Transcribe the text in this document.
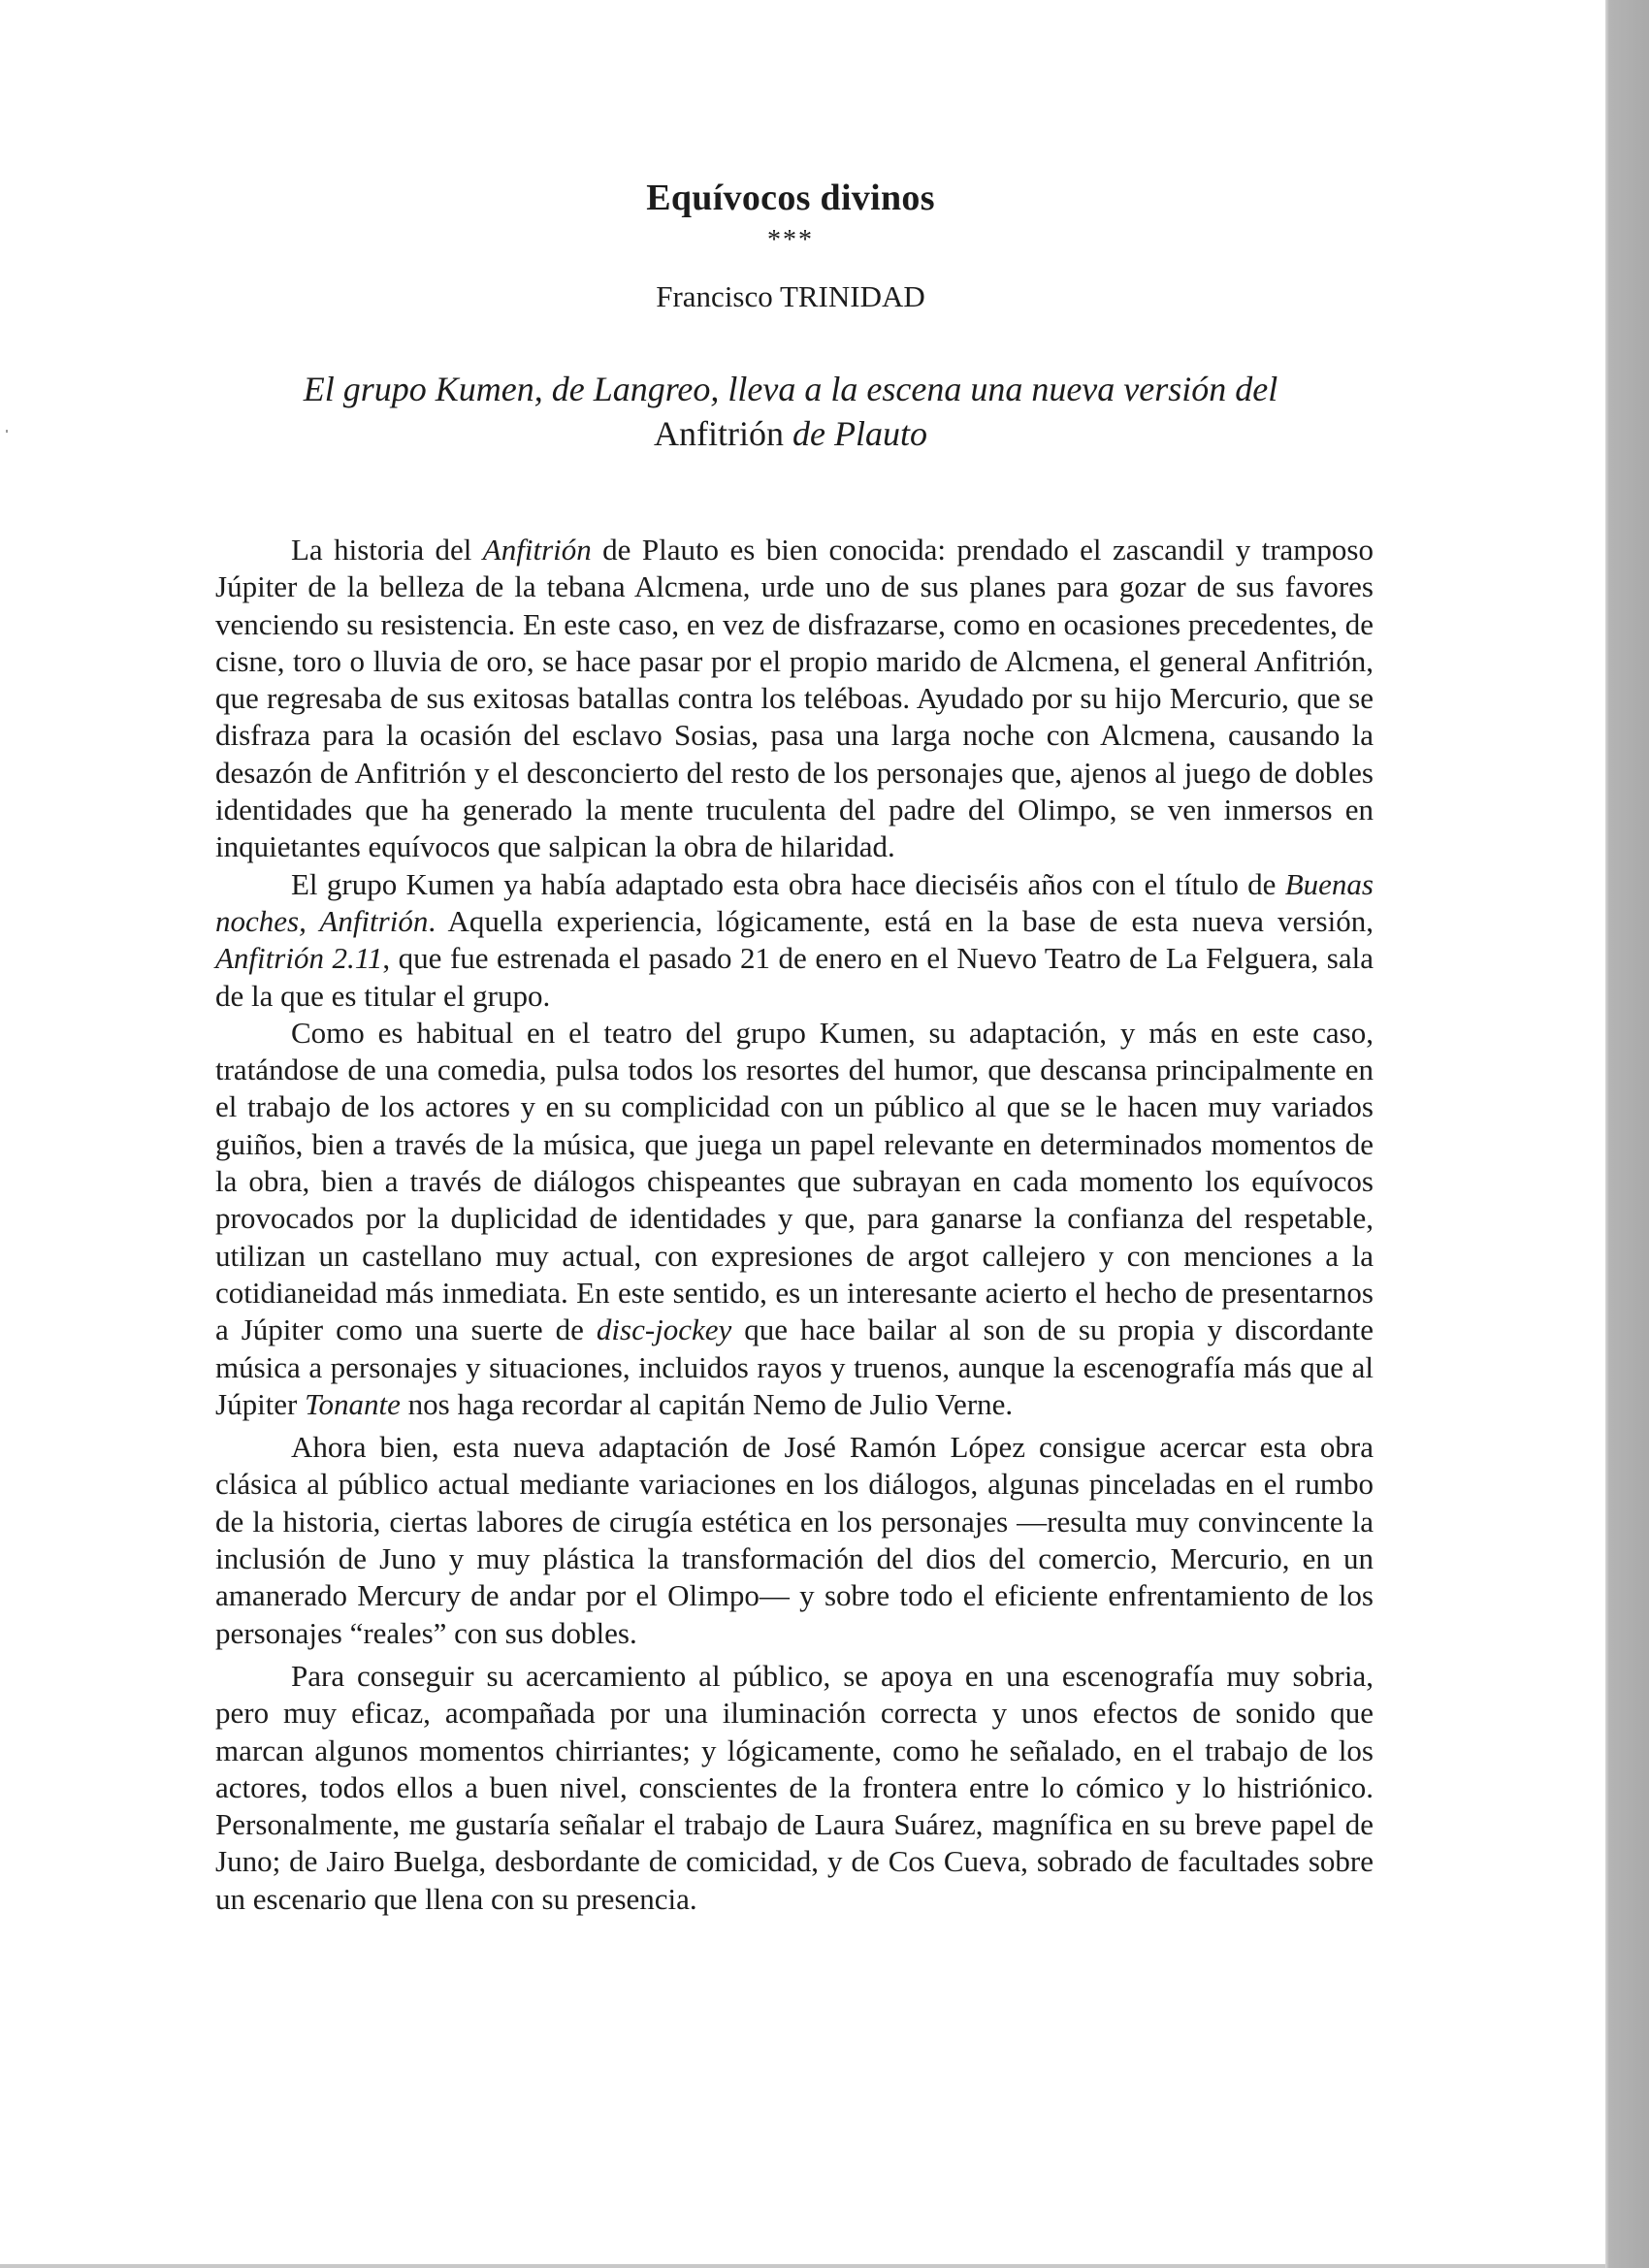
Equívocos divinos
***
Francisco TRINIDAD
El grupo Kumen, de Langreo, lleva a la escena una nueva versión del
Anfitrión de Plauto

La historia del Anfitrión de Plauto es bien conocida: prendado el zascandil y tramposo Júpiter de la belleza de la tebana Alcmena, urde uno de sus planes para gozar de sus favores venciendo su resistencia. En este caso, en vez de disfrazarse, como en ocasiones precedentes, de cisne, toro o lluvia de oro, se hace pasar por el propio marido de Alcmena, el general Anfitrión, que regresaba de sus exitosas batallas contra los teléboas. Ayudado por su hijo Mercurio, que se disfraza para la ocasión del esclavo Sosias, pasa una larga noche con Alcmena, causando la desazón de Anfitrión y el desconcierto del resto de los personajes que, ajenos al juego de dobles identidades que ha generado la mente truculenta del padre del Olimpo, se ven inmersos en inquietantes equívocos que salpican la obra de hilaridad.

El grupo Kumen ya había adaptado esta obra hace dieciséis años con el título de Buenas noches, Anfitrión. Aquella experiencia, lógicamente, está en la base de esta nueva versión, Anfitrión 2.11, que fue estrenada el pasado 21 de enero en el Nuevo Teatro de La Felguera, sala de la que es titular el grupo.

Como es habitual en el teatro del grupo Kumen, su adaptación, y más en este caso, tratándose de una comedia, pulsa todos los resortes del humor, que descansa principalmente en el trabajo de los actores y en su complicidad con un público al que se le hacen muy variados guiños, bien a través de la música, que juega un papel relevante en determinados momentos de la obra, bien a través de diálogos chispeantes que subrayan en cada momento los equívocos provocados por la duplicidad de identidades y que, para ganarse la confianza del respetable, utilizan un castellano muy actual, con expresiones de argot callejero y con menciones a la cotidianeidad más inmediata. En este sentido, es un interesante acierto el hecho de presentarnos a Júpiter como una suerte de disc-jockey que hace bailar al son de su propia y discordante música a personajes y situaciones, incluidos rayos y truenos, aunque la escenografía más que al Júpiter Tonante nos haga recordar al capitán Nemo de Julio Verne.

Ahora bien, esta nueva adaptación de José Ramón López consigue acercar esta obra clásica al público actual mediante variaciones en los diálogos, algunas pinceladas en el rumbo de la historia, ciertas labores de cirugía estética en los personajes —resulta muy convincente la inclusión de Juno y muy plástica la transformación del dios del comercio, Mercurio, en un amanerado Mercury de andar por el Olimpo— y sobre todo el eficiente enfrentamiento de los personajes “reales” con sus dobles.

Para conseguir su acercamiento al público, se apoya en una escenografía muy sobria, pero muy eficaz, acompañada por una iluminación correcta y unos efectos de sonido que marcan algunos momentos chirriantes; y lógicamente, como he señalado, en el trabajo de los actores, todos ellos a buen nivel, conscientes de la frontera entre lo cómico y lo histriónico. Personalmente, me gustaría señalar el trabajo de Laura Suárez, magnífica en su breve papel de Juno; de Jairo Buelga, desbordante de comicidad, y de Cos Cueva, sobrado de facultades sobre un escenario que llena con su presencia.
